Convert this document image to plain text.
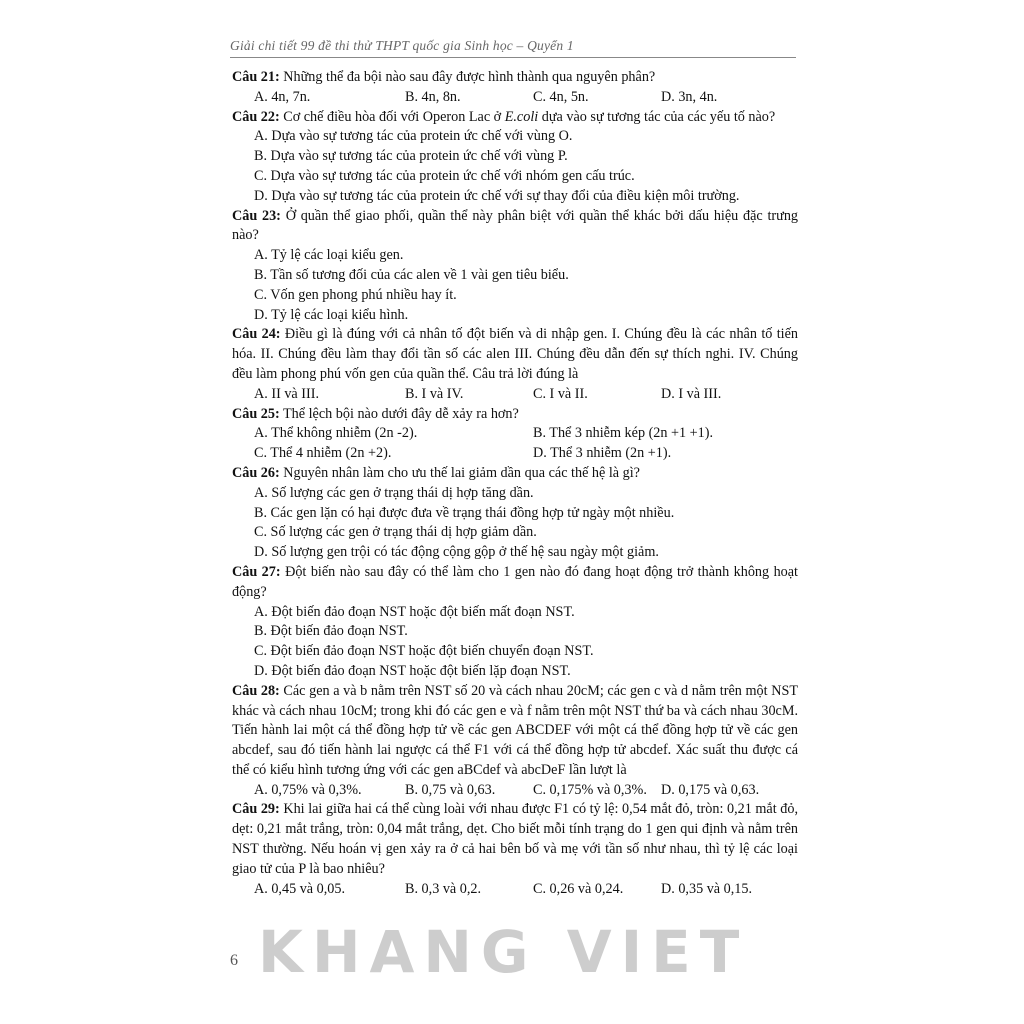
Giải chi tiết 99 đề thi thử THPT quốc gia Sinh học – Quyển 1
Câu 21: Những thể đa bội nào sau đây được hình thành qua nguyên phân?
A. 4n, 7n.	B. 4n, 8n.	C. 4n, 5n.	D. 3n, 4n.
Câu 22: Cơ chế điều hòa đối với Operon Lac ở E.coli dựa vào sự tương tác của các yếu tố nào?
A. Dựa vào sự tương tác của protein ức chế với vùng O.
B. Dựa vào sự tương tác của protein ức chế với vùng P.
C. Dựa vào sự tương tác của protein ức chế với nhóm gen cấu trúc.
D. Dựa vào sự tương tác của protein ức chế với sự thay đổi của điều kiện môi trường.
Câu 23: Ở quần thể giao phối, quần thể này phân biệt với quần thể khác bởi dấu hiệu đặc trưng nào?
A. Tỷ lệ các loại kiểu gen.
B. Tần số tương đối của các alen về 1 vài gen tiêu biểu.
C. Vốn gen phong phú nhiều hay ít.
D. Tỷ lệ các loại kiểu hình.
Câu 24: Điều gì là đúng với cả nhân tố đột biến và di nhập gen. I. Chúng đều là các nhân tố tiến hóa. II. Chúng đều làm thay đổi tần số các alen III. Chúng đều dẫn đến sự thích nghi. IV. Chúng đều làm phong phú vốn gen của quần thể. Câu trả lời đúng là
A. II và III.	B. I và IV.	C. I và II.	D. I và III.
Câu 25: Thể lệch bội nào dưới đây dễ xảy ra hơn?
A. Thể không nhiễm (2n -2).	B. Thể 3 nhiễm kép (2n +1 +1).
C. Thể 4 nhiễm (2n +2).	D. Thể 3 nhiễm (2n +1).
Câu 26: Nguyên nhân làm cho ưu thế lai giảm dần qua các thế hệ là gì?
A. Số lượng các gen ở trạng thái dị hợp tăng dần.
B. Các gen lặn có hại được đưa về trạng thái đồng hợp tử ngày một nhiều.
C. Số lượng các gen ở trạng thái dị hợp giảm dần.
D. Số lượng gen trội có tác động cộng gộp ở thế hệ sau ngày một giảm.
Câu 27: Đột biến nào sau đây có thể làm cho 1 gen nào đó đang hoạt động trở thành không hoạt động?
A. Đột biến đảo đoạn NST hoặc đột biến mất đoạn NST.
B. Đột biến đảo đoạn NST.
C. Đột biến đảo đoạn NST hoặc đột biến chuyển đoạn NST.
D. Đột biến đảo đoạn NST hoặc đột biến lặp đoạn NST.
Câu 28: Các gen a và b nằm trên NST số 20 và cách nhau 20cM; các gen c và d nằm trên một NST khác và cách nhau 10cM; trong khi đó các gen e và f nằm trên một NST thứ ba và cách nhau 30cM. Tiến hành lai một cá thể đồng hợp tử về các gen ABCDEF với một cá thể đồng hợp tử về các gen abcdef, sau đó tiến hành lai ngược cá thể F1 với cá thể đồng hợp tử abcdef. Xác suất thu được cá thể có kiểu hình tương ứng với các gen aBCdef và abcDeF lần lượt là
A. 0,75% và 0,3%.	B. 0,75 và 0,63.	C. 0,175% và 0,3%. D. 0,175 và 0,63.
Câu 29: Khi lai giữa hai cá thể cùng loài với nhau được F1 có tỷ lệ: 0,54 mắt đỏ, tròn: 0,21 mắt đỏ, dẹt: 0,21 mắt trắng, tròn: 0,04 mắt trắng, dẹt. Cho biết mỗi tính trạng do 1 gen qui định và nằm trên NST thường. Nếu hoán vị gen xảy ra ở cả hai bên bố và mẹ với tần số như nhau, thì tỷ lệ các loại giao tử của P là bao nhiêu?
A. 0,45 và 0,05.	B. 0,3 và 0,2.	C. 0,26 và 0,24.	D. 0,35 và 0,15.
KHANG VIET
6
